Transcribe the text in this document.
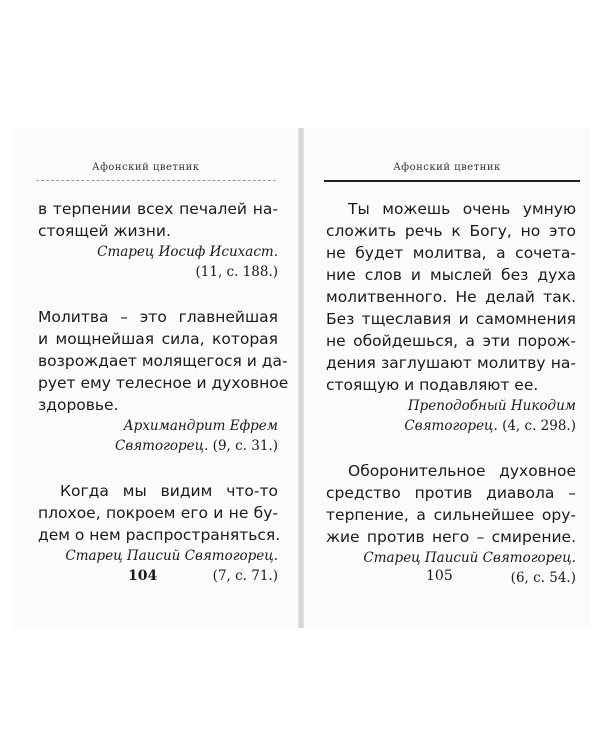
Афонский цветник
в терпении всех печалей на-
стоящей жизни.
Старец Иосиф Исихаст.
(11, с. 188.)
Молитва – это главнейшая
и мощнейшая сила, которая
возрождает молящегося и да-
рует ему телесное и духовное
здоровье.
Архимандрит Ефрем
Святогорец. (9, с. 31.)
Когда мы видим что-то
плохое, покроем его и не бу-
дем о нем распространяться.
Старец Паисий Святогорец.
(7, с. 71.)
104
Афонский цветник
Ты можешь очень умную
сложить речь к Богу, но это
не будет молитва, а сочета-
ние слов и мыслей без духа
молитвенного. Не делай так.
Без тщеславия и самомнения
не обойдешься, а эти порож-
дения заглушают молитву на-
стоящую и подавляют ее.
Преподобный Никодим
Святогорец. (4, с. 298.)
Оборонительное духовное
средство против диавола –
терпение, а сильнейшее ору-
жие против него – смирение.
Старец Паисий Святогорец.
(6, с. 54.)
105
